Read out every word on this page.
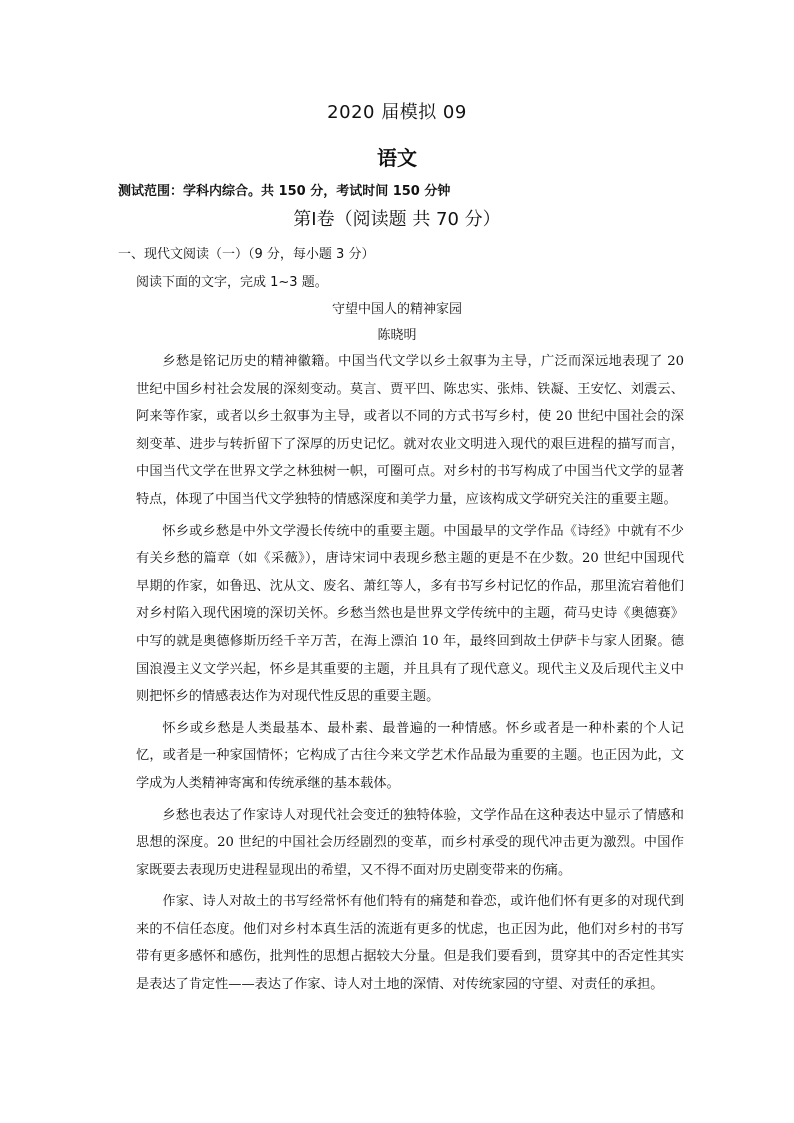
2020 届模拟 09
语文
测试范围：学科内综合。共 150 分，考试时间 150 分钟
第Ⅰ卷（阅读题 共 70 分）
一、现代文阅读（一）（9 分，每小题 3 分）
阅读下面的文字，完成 1~3 题。
守望中国人的精神家园
陈晓明

乡愁是铭记历史的精神徽籍。中国当代文学以乡土叙事为主导，广泛而深远地表现了 20 世纪中国乡村社会发展的深刻变动。莫言、贾平凹、陈忠实、张炜、铁凝、王安忆、刘震云、阿来等作家，或者以乡土叙事为主导，或者以不同的方式书写乡村，使 20 世纪中国社会的深刻变革、进步与转折留下了深厚的历史记忆。就对农业文明进入现代的艰巨进程的描写而言，中国当代文学在世界文学之林独树一帜，可圈可点。对乡村的书写构成了中国当代文学的显著特点，体现了中国当代文学独特的情感深度和美学力量，应该构成文学研究关注的重要主题。

怀乡或乡愁是中外文学漫长传统中的重要主题。中国最早的文学作品《诗经》中就有不少有关乡愁的篇章（如《采薇》），唐诗宋词中表现乡愁主题的更是不在少数。20 世纪中国现代早期的作家，如鲁迅、沈从文、废名、萧红等人，多有书写乡村记忆的作品，那里流宕着他们对乡村陷入现代困境的深切关怀。乡愁当然也是世界文学传统中的主题，荷马史诗《奥德赛》中写的就是奥德修斯历经千辛万苦，在海上漂泊 10 年，最终回到故土伊萨卡与家人团聚。德国浪漫主义文学兴起，怀乡是其重要的主题，并且具有了现代意义。现代主义及后现代主义中则把怀乡的情感表达作为对现代性反思的重要主题。

怀乡或乡愁是人类最基本、最朴素、最普遍的一种情感。怀乡或者是一种朴素的个人记忆，或者是一种家国情怀；它构成了古往今来文学艺术作品最为重要的主题。也正因为此，文学成为人类精神寄寓和传统承继的基本载体。

乡愁也表达了作家诗人对现代社会变迁的独特体验，文学作品在这种表达中显示了情感和思想的深度。20 世纪的中国社会历经剧烈的变革，而乡村承受的现代冲击更为激烈。中国作家既要去表现历史进程显现出的希望，又不得不面对历史剧变带来的伤痛。

作家、诗人对故土的书写经常怀有他们特有的痛楚和眷恋，或许他们怀有更多的对现代到来的不信任态度。他们对乡村本真生活的流逝有更多的忧虑，也正因为此，他们对乡村的书写带有更多感怀和感伤，批判性的思想占据较大分量。但是我们要看到，贯穿其中的否定性其实是表达了肯定性——表达了作家、诗人对土地的深情、对传统家园的守望、对责任的承担。
